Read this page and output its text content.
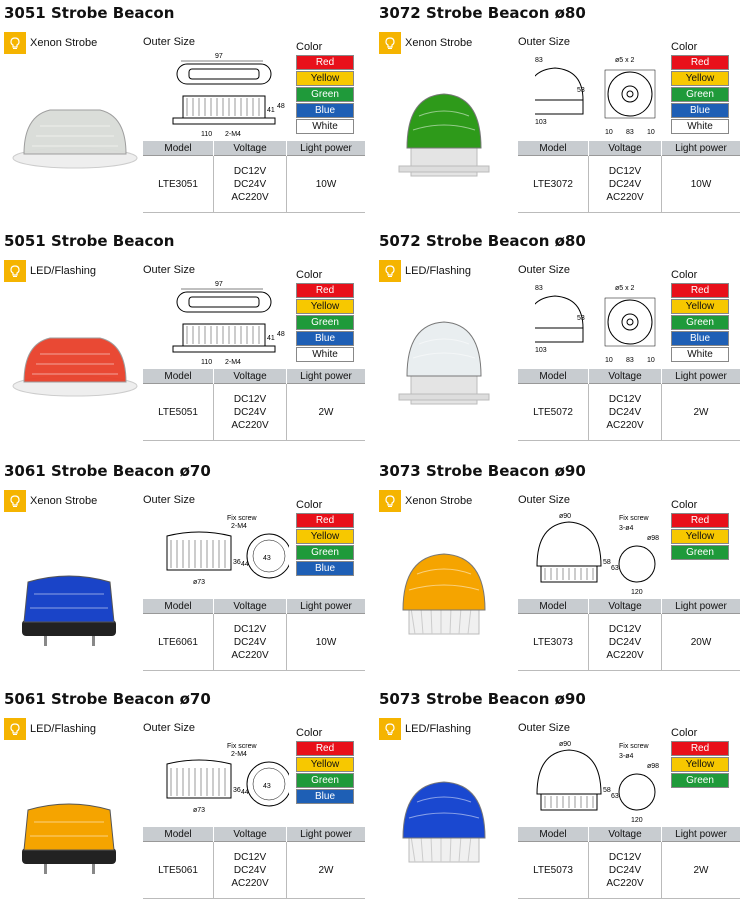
3051 Strobe Beacon
Xenon Strobe	Outer Size
97
41
48
110 2-M4
Color
Red
Yellow
Green
Blue
White
Model	Voltage	Light power
LTE3051	DC12V
DC24V
AC220V	10W
3072 Strobe Beacon ø80
Xenon Strobe	Outer Size
83
53
103
ø5 x 2
10 83 10
Color
Red
Yellow
Green
Blue
White
Model	Voltage	Light power
LTE3072	DC12V
DC24V
AC220V	10W
5051 Strobe Beacon
LED/Flashing	Outer Size
97
41
48
110 2-M4
Color
Red
Yellow
Green
Blue
White
Model	Voltage	Light power
LTE5051	DC12V
DC24V
AC220V	2W
5072 Strobe Beacon ø80
LED/Flashing	Outer Size
83
53
103
ø5 x 2
10 83 10
Color
Red
Yellow
Green
Blue
White
Model	Voltage	Light power
LTE5072	DC12V
DC24V
AC220V	2W
3061 Strobe Beacon ø70
Xenon Strobe	Outer Size
Fix screw
2-M4
36 44
ø73
43
Color
Red
Yellow
Green
Blue
Model	Voltage	Light power
LTE6061	DC12V
DC24V
AC220V	10W
3073 Strobe Beacon ø90
Xenon Strobe	Outer Size
ø90
58
63
Fix screw
3-ø4
ø98
120
Color
Red
Yellow
Green
Model	Voltage	Light power
LTE3073	DC12V
DC24V
AC220V	20W
5061 Strobe Beacon ø70
LED/Flashing	Outer Size
Fix screw
2-M4
36 44
ø73
43
Color
Red
Yellow
Green
Blue
Model	Voltage	Light power
LTE5061	DC12V
DC24V
AC220V	2W
5073 Strobe Beacon ø90
LED/Flashing	Outer Size
ø90
58
63
Fix screw
3-ø4
ø98
120
Color
Red
Yellow
Green
Model	Voltage	Light power
LTE5073	DC12V
DC24V
AC220V	2W
